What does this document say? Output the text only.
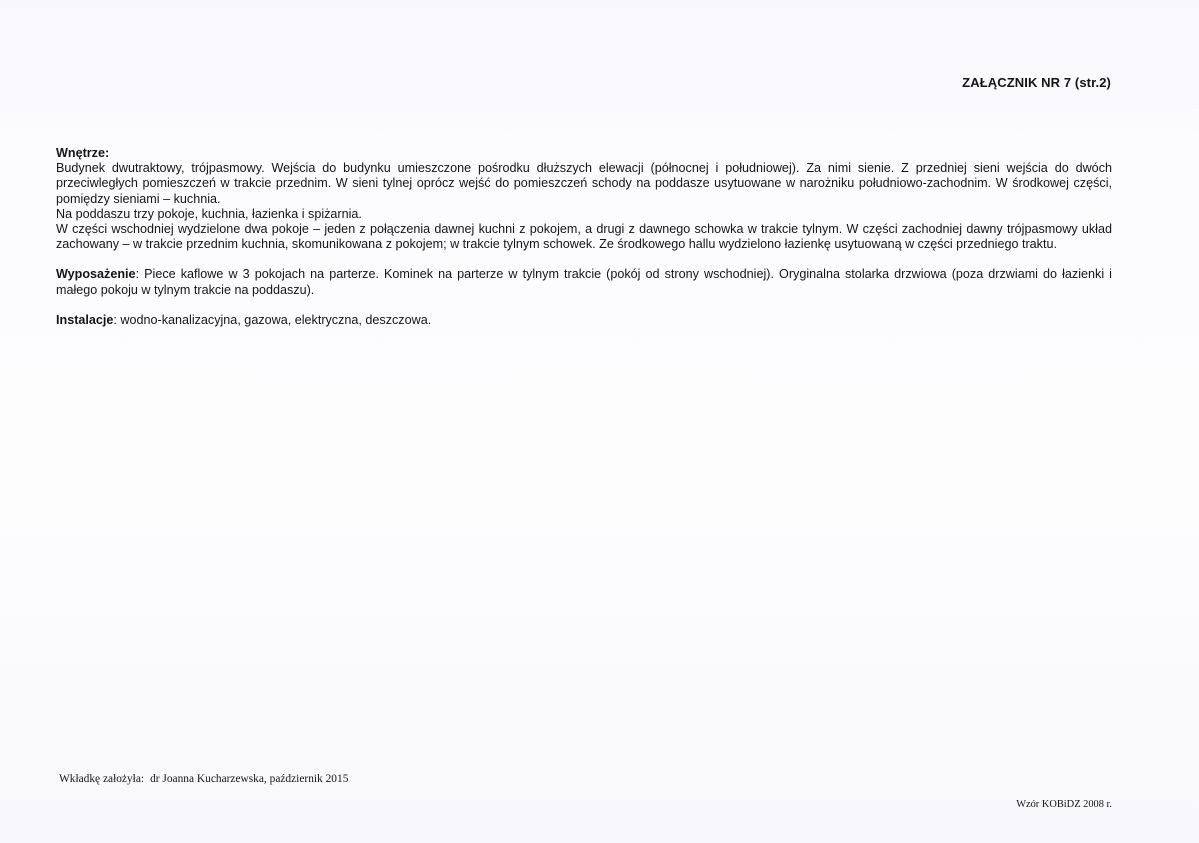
ZAŁĄCZNIK NR 7 (str.2)

Wnętrze:

Budynek dwutraktowy, trójpasmowy. Wejścia do budynku umieszczone pośrodku dłuższych elewacji (północnej i południowej). Za nimi sienie. Z przedniej sieni wejścia do dwóch przeciwległych pomieszczeń w trakcie przednim. W sieni tylnej oprócz wejść do pomieszczeń schody na poddasze usytuowane w narożniku południowo-zachodnim. W środkowej części, pomiędzy sieniami – kuchnia.

Na poddaszu trzy pokoje, kuchnia, łazienka i spiżarnia.

W części wschodniej wydzielone dwa pokoje – jeden z połączenia dawnej kuchni z pokojem, a drugi z dawnego schowka w trakcie tylnym. W części zachodniej dawny trójpasmowy układ zachowany – w trakcie przednim kuchnia, skomunikowana z pokojem; w trakcie tylnym schowek. Ze środkowego hallu wydzielono łazienkę usytuowaną w części przedniego traktu.

Wyposażenie: Piece kaflowe w 3 pokojach na parterze. Kominek na parterze w tylnym trakcie (pokój od strony wschodniej). Oryginalna stolarka drzwiowa (poza drzwiami do łazienki i małego pokoju w tylnym trakcie na poddaszu).

Instalacje: wodno-kanalizacyjna, gazowa, elektryczna, deszczowa.

Wkładkę założyła: dr Joanna Kucharzewska, październik 2015
Wzór KOBiDZ 2008 r.
